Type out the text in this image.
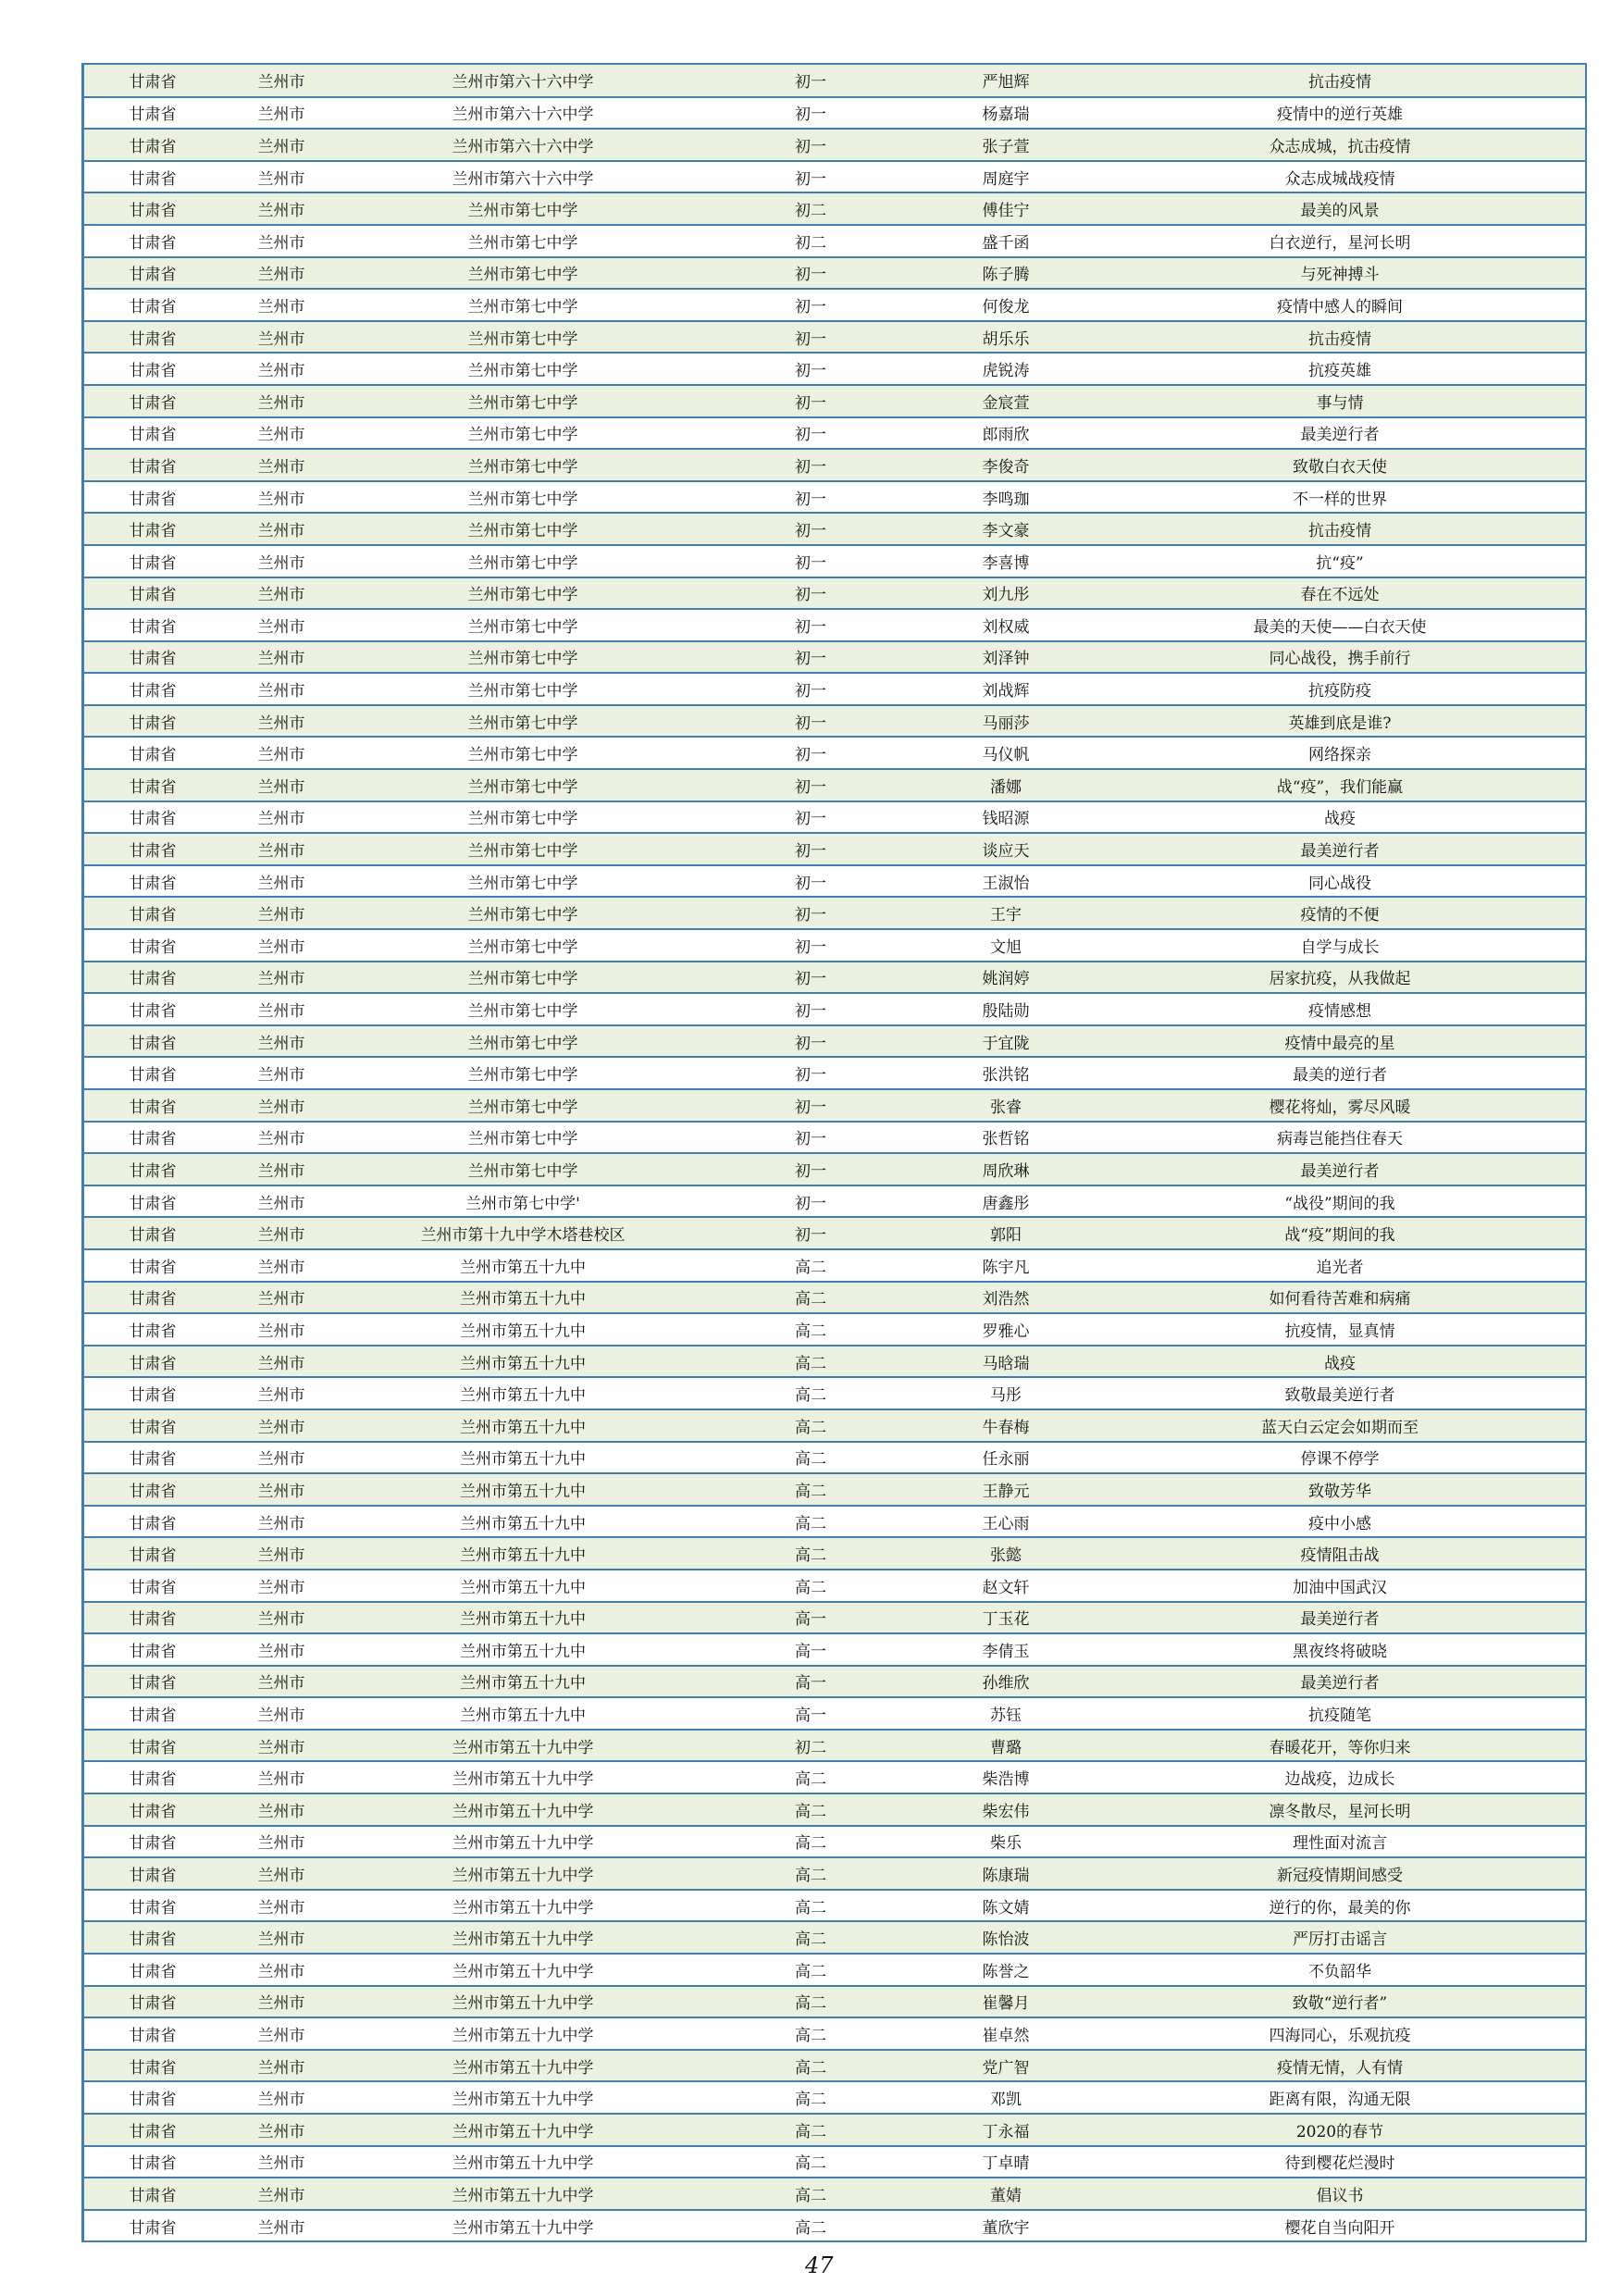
甘肃省	兰州市	兰州市第六十六中学	初一	严旭辉	抗击疫情
甘肃省	兰州市	兰州市第六十六中学	初一	杨嘉瑞	疫情中的逆行英雄
甘肃省	兰州市	兰州市第六十六中学	初一	张子萱	众志成城，抗击疫情
甘肃省	兰州市	兰州市第六十六中学	初一	周庭宇	众志成城战疫情
甘肃省	兰州市	兰州市第七中学	初二	傅佳宁	最美的风景
甘肃省	兰州市	兰州市第七中学	初二	盛千函	白衣逆行，星河长明
甘肃省	兰州市	兰州市第七中学	初一	陈子腾	与死神搏斗
甘肃省	兰州市	兰州市第七中学	初一	何俊龙	疫情中感人的瞬间
甘肃省	兰州市	兰州市第七中学	初一	胡乐乐	抗击疫情
甘肃省	兰州市	兰州市第七中学	初一	虎锐涛	抗疫英雄
甘肃省	兰州市	兰州市第七中学	初一	金宸萱	事与情
甘肃省	兰州市	兰州市第七中学	初一	郎雨欣	最美逆行者
甘肃省	兰州市	兰州市第七中学	初一	李俊奇	致敬白衣天使
甘肃省	兰州市	兰州市第七中学	初一	李鸣珈	不一样的世界
甘肃省	兰州市	兰州市第七中学	初一	李文豪	抗击疫情
甘肃省	兰州市	兰州市第七中学	初一	李喜博	抗“疫”
甘肃省	兰州市	兰州市第七中学	初一	刘九彤	春在不远处
甘肃省	兰州市	兰州市第七中学	初一	刘权威	最美的天使——白衣天使
甘肃省	兰州市	兰州市第七中学	初一	刘泽钟	同心战役，携手前行
甘肃省	兰州市	兰州市第七中学	初一	刘战辉	抗疫防疫
甘肃省	兰州市	兰州市第七中学	初一	马丽莎	英雄到底是谁?
甘肃省	兰州市	兰州市第七中学	初一	马仪帆	网络探亲
甘肃省	兰州市	兰州市第七中学	初一	潘娜	战“疫”，我们能赢
甘肃省	兰州市	兰州市第七中学	初一	钱昭源	战疫
甘肃省	兰州市	兰州市第七中学	初一	谈应天	最美逆行者
甘肃省	兰州市	兰州市第七中学	初一	王淑怡	同心战役
甘肃省	兰州市	兰州市第七中学	初一	王宇	疫情的不便
甘肃省	兰州市	兰州市第七中学	初一	文旭	自学与成长
甘肃省	兰州市	兰州市第七中学	初一	姚润婷	居家抗疫，从我做起
甘肃省	兰州市	兰州市第七中学	初一	殷陆勋	疫情感想
甘肃省	兰州市	兰州市第七中学	初一	于宜陇	疫情中最亮的星
甘肃省	兰州市	兰州市第七中学	初一	张洪铭	最美的逆行者
甘肃省	兰州市	兰州市第七中学	初一	张睿	樱花将灿，雾尽风暖
甘肃省	兰州市	兰州市第七中学	初一	张哲铭	病毒岂能挡住春天
甘肃省	兰州市	兰州市第七中学	初一	周欣琳	最美逆行者
甘肃省	兰州市	兰州市第七中学'	初一	唐鑫彤	“战役”期间的我
甘肃省	兰州市	兰州市第十九中学木塔巷校区	初一	郭阳	战“疫”期间的我
甘肃省	兰州市	兰州市第五十九中	高二	陈宇凡	追光者
甘肃省	兰州市	兰州市第五十九中	高二	刘浩然	如何看待苦难和病痛
甘肃省	兰州市	兰州市第五十九中	高二	罗雅心	抗疫情，显真情
甘肃省	兰州市	兰州市第五十九中	高二	马晗瑞	战疫
甘肃省	兰州市	兰州市第五十九中	高二	马彤	致敬最美逆行者
甘肃省	兰州市	兰州市第五十九中	高二	牛春梅	蓝天白云定会如期而至
甘肃省	兰州市	兰州市第五十九中	高二	任永丽	停课不停学
甘肃省	兰州市	兰州市第五十九中	高二	王静元	致敬芳华
甘肃省	兰州市	兰州市第五十九中	高二	王心雨	疫中小感
甘肃省	兰州市	兰州市第五十九中	高二	张懿	疫情阻击战
甘肃省	兰州市	兰州市第五十九中	高二	赵文轩	加油中国武汉
甘肃省	兰州市	兰州市第五十九中	高一	丁玉花	最美逆行者
甘肃省	兰州市	兰州市第五十九中	高一	李倩玉	黑夜终将破晓
甘肃省	兰州市	兰州市第五十九中	高一	孙维欣	最美逆行者
甘肃省	兰州市	兰州市第五十九中	高一	苏钰	抗疫随笔
甘肃省	兰州市	兰州市第五十九中学	初二	曹璐	春暖花开，等你归来
甘肃省	兰州市	兰州市第五十九中学	高二	柴浩博	边战疫，边成长
甘肃省	兰州市	兰州市第五十九中学	高二	柴宏伟	凛冬散尽，星河长明
甘肃省	兰州市	兰州市第五十九中学	高二	柴乐	理性面对流言
甘肃省	兰州市	兰州市第五十九中学	高二	陈康瑞	新冠疫情期间感受
甘肃省	兰州市	兰州市第五十九中学	高二	陈文婧	逆行的你，最美的你
甘肃省	兰州市	兰州市第五十九中学	高二	陈怡波	严厉打击谣言
甘肃省	兰州市	兰州市第五十九中学	高二	陈誉之	不负韶华
甘肃省	兰州市	兰州市第五十九中学	高二	崔馨月	致敬“逆行者”
甘肃省	兰州市	兰州市第五十九中学	高二	崔卓然	四海同心，乐观抗疫
甘肃省	兰州市	兰州市第五十九中学	高二	党广智	疫情无情，人有情
甘肃省	兰州市	兰州市第五十九中学	高二	邓凯	距离有限，沟通无限
甘肃省	兰州市	兰州市第五十九中学	高二	丁永福	2020的春节
甘肃省	兰州市	兰州市第五十九中学	高二	丁卓晴	待到樱花烂漫时
甘肃省	兰州市	兰州市第五十九中学	高二	董婧	倡议书
甘肃省	兰州市	兰州市第五十九中学	高二	董欣宇	樱花自当向阳开
47
